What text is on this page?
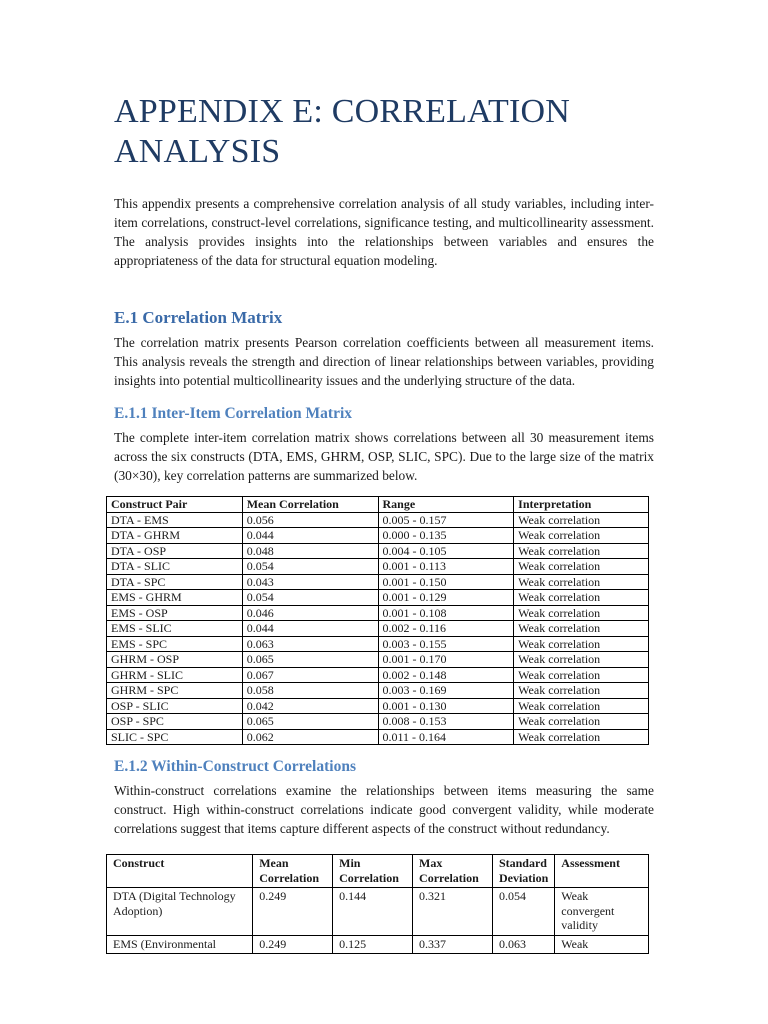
APPENDIX E: CORRELATION ANALYSIS

This appendix presents a comprehensive correlation analysis of all study variables, including inter-item correlations, construct-level correlations, significance testing, and multicollinearity assessment. The analysis provides insights into the relationships between variables and ensures the appropriateness of the data for structural equation modeling.

E.1 Correlation Matrix

The correlation matrix presents Pearson correlation coefficients between all measurement items. This analysis reveals the strength and direction of linear relationships between variables, providing insights into potential multicollinearity issues and the underlying structure of the data.

E.1.1 Inter-Item Correlation Matrix

The complete inter-item correlation matrix shows correlations between all 30 measurement items across the six constructs (DTA, EMS, GHRM, OSP, SLIC, SPC). Due to the large size of the matrix (30×30), key correlation patterns are summarized below.

Construct Pair	Mean Correlation	Range	Interpretation
DTA - EMS	0.056	0.005 - 0.157	Weak correlation
DTA - GHRM	0.044	0.000 - 0.135	Weak correlation
DTA - OSP	0.048	0.004 - 0.105	Weak correlation
DTA - SLIC	0.054	0.001 - 0.113	Weak correlation
DTA - SPC	0.043	0.001 - 0.150	Weak correlation
EMS - GHRM	0.054	0.001 - 0.129	Weak correlation
EMS - OSP	0.046	0.001 - 0.108	Weak correlation
EMS - SLIC	0.044	0.002 - 0.116	Weak correlation
EMS - SPC	0.063	0.003 - 0.155	Weak correlation
GHRM - OSP	0.065	0.001 - 0.170	Weak correlation
GHRM - SLIC	0.067	0.002 - 0.148	Weak correlation
GHRM - SPC	0.058	0.003 - 0.169	Weak correlation
OSP - SLIC	0.042	0.001 - 0.130	Weak correlation
OSP - SPC	0.065	0.008 - 0.153	Weak correlation
SLIC - SPC	0.062	0.011 - 0.164	Weak correlation
E.1.2 Within-Construct Correlations

Within-construct correlations examine the relationships between items measuring the same construct. High within-construct correlations indicate good convergent validity, while moderate correlations suggest that items capture different aspects of the construct without redundancy.

Construct	Mean Correlation	Min Correlation	Max Correlation	Standard Deviation	Assessment
DTA (Digital Technology Adoption)	0.249	0.144	0.321	0.054	Weak convergent validity
EMS (Environmental	0.249	0.125	0.337	0.063	Weak
